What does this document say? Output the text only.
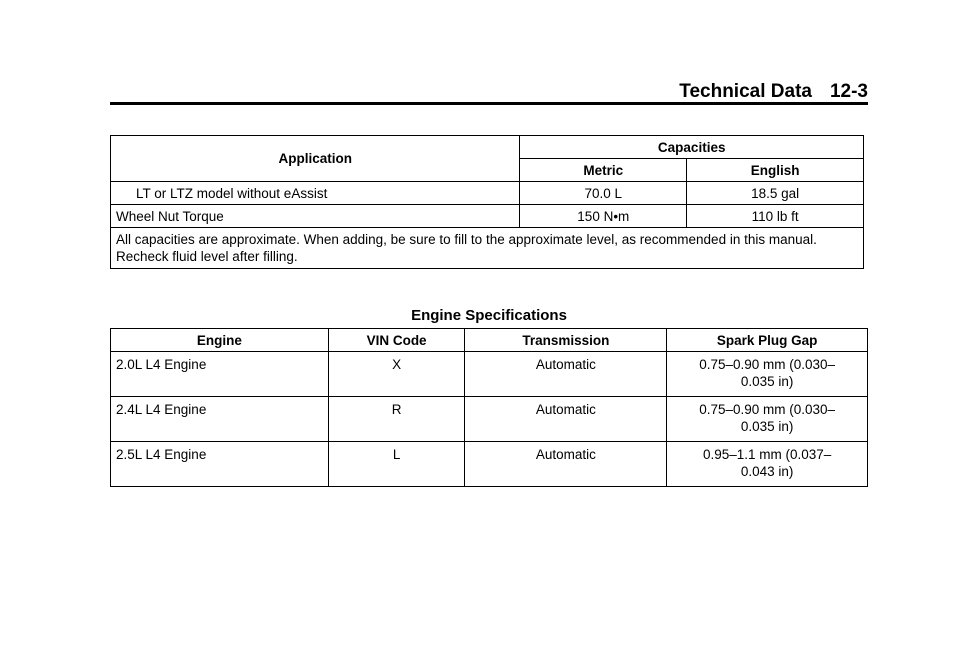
Technical Data 12-3
Application	Capacities	
	Metric	English
LT or LTZ model without eAssist	70.0 L	18.5 gal
Wheel Nut Torque	150 N•m	110 lb ft
All capacities are approximate. When adding, be sure to fill to the approximate level, as recommended in this manual. Recheck fluid level after filling.		
Engine Specifications
Engine	VIN Code	Transmission	Spark Plug Gap
2.0L L4 Engine	X	Automatic	0.75–0.90 mm (0.030–
0.035 in)

2.4L L4 Engine	R	Automatic	0.75–0.90 mm (0.030–
0.035 in)

2.5L L4 Engine	L	Automatic	0.95–1.1 mm (0.037–
0.043 in)
